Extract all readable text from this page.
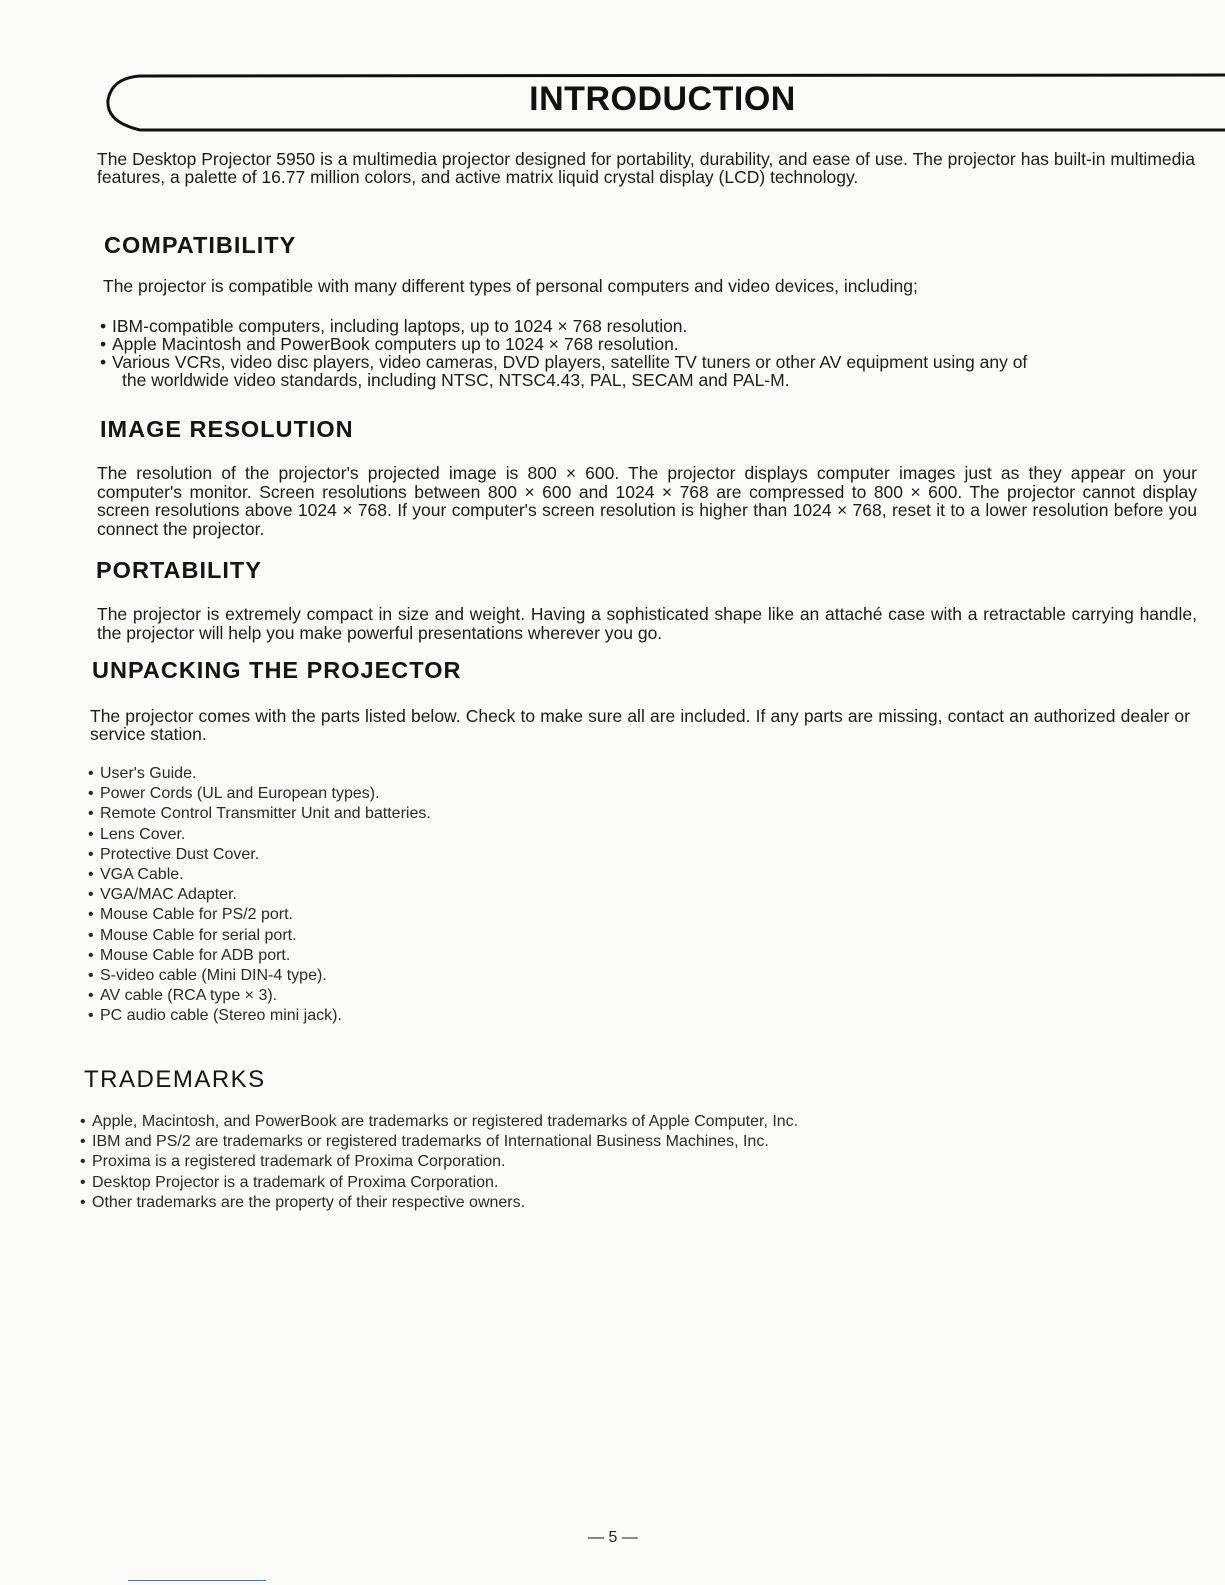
INTRODUCTION

The Desktop Projector 5950 is a multimedia projector designed for portability, durability, and ease of use. The projector has built-in multimedia features, a palette of 16.77 million colors, and active matrix liquid crystal display (LCD) technology.

COMPATIBILITY

The projector is compatible with many different types of personal computers and video devices, including;

• IBM-compatible computers, including laptops, up to 1024 × 768 resolution.
• Apple Macintosh and PowerBook computers up to 1024 × 768 resolution.
• Various VCRs, video disc players, video cameras, DVD players, satellite TV tuners or other AV equipment using any of
the worldwide video standards, including NTSC, NTSC4.43, PAL, SECAM and PAL-M.
IMAGE RESOLUTION

The resolution of the projector's projected image is 800 × 600. The projector displays computer images just as they appear on your computer's monitor. Screen resolutions between 800 × 600 and 1024 × 768 are compressed to 800 × 600. The projector cannot display screen resolutions above 1024 × 768. If your computer's screen resolution is higher than 1024 × 768, reset it to a lower resolution before you connect the projector.

PORTABILITY

The projector is extremely compact in size and weight. Having a sophisticated shape like an attaché case with a retractable carrying handle, the projector will help you make powerful presentations wherever you go.

UNPACKING THE PROJECTOR

The projector comes with the parts listed below. Check to make sure all are included. If any parts are missing, contact an authorized dealer or service station.

• User's Guide.
• Power Cords (UL and European types).
• Remote Control Transmitter Unit and batteries.
• Lens Cover.
• Protective Dust Cover.
• VGA Cable.
• VGA/MAC Adapter.
• Mouse Cable for PS/2 port.
• Mouse Cable for serial port.
• Mouse Cable for ADB port.
• S-video cable (Mini DIN-4 type).
• AV cable (RCA type × 3).
• PC audio cable (Stereo mini jack).
TRADEMARKS
• Apple, Macintosh, and PowerBook are trademarks or registered trademarks of Apple Computer, Inc.
• IBM and PS/2 are trademarks or registered trademarks of International Business Machines, Inc.
• Proxima is a registered trademark of Proxima Corporation.
• Desktop Projector is a trademark of Proxima Corporation.
• Other trademarks are the property of their respective owners.
— 5 —
